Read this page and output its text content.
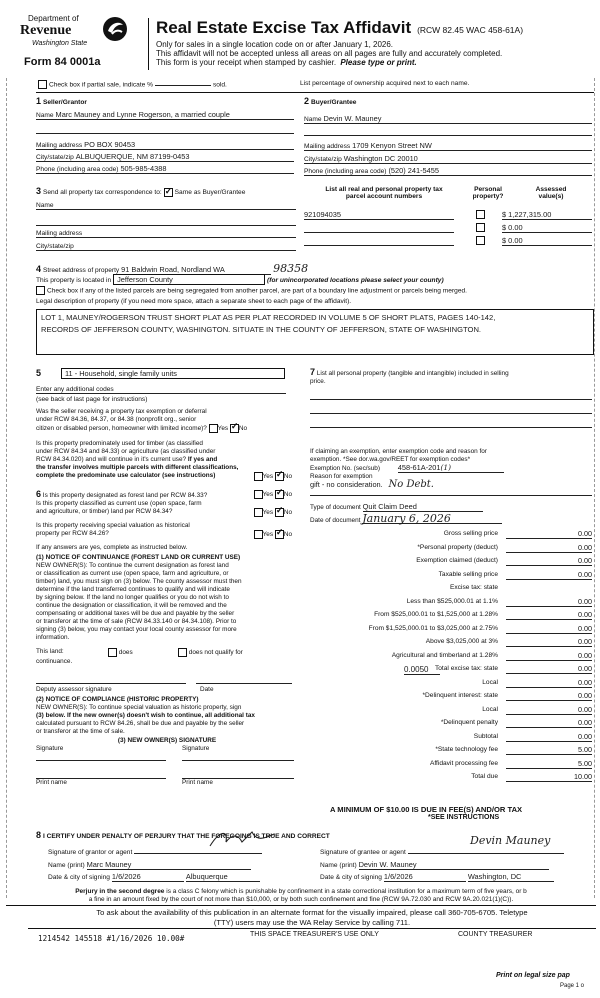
Department of
Revenue
Washington State
Form 84 0001a
Real Estate Excise Tax Affidavit (RCW 82.45 WAC 458-61A)
Only for sales in a single location code on or after January 1, 2026.
This affidavit will not be accepted unless all areas on all pages are fully and accurately completed.
This form is your receipt when stamped by cashier. Please type or print.
Check box if partial sale, indicate %	sold.	List percentage of ownership acquired next to each name.
1 Seller/Grantor
Name Marc Mauney and Lynne Rogerson, a married couple

Mailing address PO BOX 90453
City/state/zip ALBUQUERQUE, NM 87199-0453
Phone (including area code) 505-985-4388
2 Buyer/Grantee
Name Devin W. Mauney

Mailing address 1709 Kenyon Street NW
City/state/zip Washington DC 20010
Phone (including area code) (520) 241-5455
3 Send all property tax correspondence to: ✓ Same as Buyer/Grantee
Name

Mailing address
City/state/zip
List all real and personal property tax
parcel account numbers
Personal
property?
Assessed
value(s)
921094035	$ 1,227,315.00
$ 0.00
$ 0.00
4 Street address of property 91 Baldwin Road, Nordland WA	98358
This property is located in Jefferson County	(for unincorporated locations please select your county)
Check box if any of the listed parcels are being segregated from another parcel, are part of a boundary line adjustment or parcels being merged.
Legal description of property (if you need more space, attach a separate sheet to each page of the affidavit).
LOT 1, MAUNEY/ROGERSON TRUST SHORT PLAT AS PER PLAT RECORDED IN VOLUME 5 OF SHORT PLATS, PAGES 140-142,
RECORDS OF JEFFERSON COUNTY, WASHINGTON. SITUATE IN THE COUNTY OF JEFFERSON, STATE OF WASHINGTON.
5	11 - Household, single family units
Enter any additional codes
(see back of last page for instructions)
Was the seller receiving a property tax exemption or deferral
under RCW 84.36, 84.37, or 84.38 (nonprofit org., senior
citizen or disabled person, homeowner with limited income)? Yes ✓ No
Is this property predominately used for timber (as classified
under RCW 84.34 and 84.33) or agriculture (as classified under
RCW 84.34.020) and will continue in it's current use? If yes and
the transfer involves multiple parcels with different classifications,
complete the predominate use calculator (see instructions)	Yes ✓ No
6 Is this property designated as forest land per RCW 84.33?	Yes ✓ No
Is this property classified as current use (open space, farm
and agriculture, or timber) land per RCW 84.34?	Yes ✓ No
Is this property receiving special valuation as historical
property per RCW 84.26?	Yes ✓ No
If any answers are yes, complete as instructed below.
(1) NOTICE OF CONTINUANCE (FOREST LAND OR CURRENT USE)
NEW OWNER(S): To continue the current designation as forest land
or classification as current use (open space, farm and agriculture, or
timber) land, you must sign on (3) below. The county assessor must then
determine if the land transferred continues to qualify and will indicate
by signing below. If the land no longer qualifies or you do not wish to
continue the designation or classification, it will be removed and the
compensating or additional taxes will be due and payable by the seller
or transferor at the time of sale (RCW 84.33.140 or 84.34.108). Prior to
signing (3) below, you may contact your local county assessor for more
information.
This land:	does	does not qualify for
continuance.
Deputy assessor signature	Date
(2) NOTICE OF COMPLIANCE (HISTORIC PROPERTY)
NEW OWNER(S): To continue special valuation as historic property, sign
(3) below. If the new owner(s) doesn't wish to continue, all additional tax
calculated pursuant to RCW 84.26, shall be due and payable by the seller
or transferor at the time of sale.
(3) NEW OWNER(S) SIGNATURE
Signature	Signature
Print name	Print name
7 List all personal property (tangible and intangible) included in selling
price.
If claiming an exemption, enter exemption code and reason for
exemption. *See dor.wa.gov/REET for exemption codes*
Exemption No. (sec/sub) 458-61A-201(1)
Reason for exemption
gift - no consideration. No Debt.
Type of document Quit Claim Deed
Date of document January 6, 2026
Gross selling price	0.00
*Personal property (deduct)	0.00
Exemption claimed (deduct)	0.00
Taxable selling price	0.00
Excise tax: state
Less than $525,000.01 at 1.1%	0.00
From $525,000.01 to $1,525,000 at 1.28%	0.00
From $1,525,000.01 to $3,025,000 at 2.75%	0.00
Above $3,025,000 at 3%	0.00
Agricultural and timberland at 1.28%	0.00
Total excise tax: state	0.00
Local	0.00
*Delinquent interest: state	0.00
Local	0.00
*Delinquent penalty	0.00
Subtotal	0.00
*State technology fee	5.00
Affidavit processing fee	5.00
Total due	10.00
0.0050
A MINIMUM OF $10.00 IS DUE IN FEE(S) AND/OR TAX
*SEE INSTRUCTIONS
8 I CERTIFY UNDER PENALTY OF PERJURY THAT THE FOREGOING IS TRUE AND CORRECT
Signature of grantor or agent
Name (print) Marc Mauney
Date & city of signing 1/6/2026	Albuquerque
Signature of grantee or agent
Devin Mauney
Name (print) Devin W. Mauney
Date & city of signing 1/6/2026	Washington, DC
Perjury in the second degree is a class C felony which is punishable by confinement in a state correctional institution for a maximum term of five years, or b
a fine in an amount fixed by the court of not more than $10,000, or by both such confinement and fine (RCW 9A.72.030 and RCW 9A.20.021(1)(C)).
To ask about the availability of this publication in an alternate format for the visually impaired, please call 360-705-6705. Teletype
(TTY) users may use the WA Relay Service by calling 711.
1214542 145518 #1/16/2026 10.00#	THIS SPACE TREASURER'S USE ONLY	COUNTY TREASURER
Print on legal size pap
Page 1 o
